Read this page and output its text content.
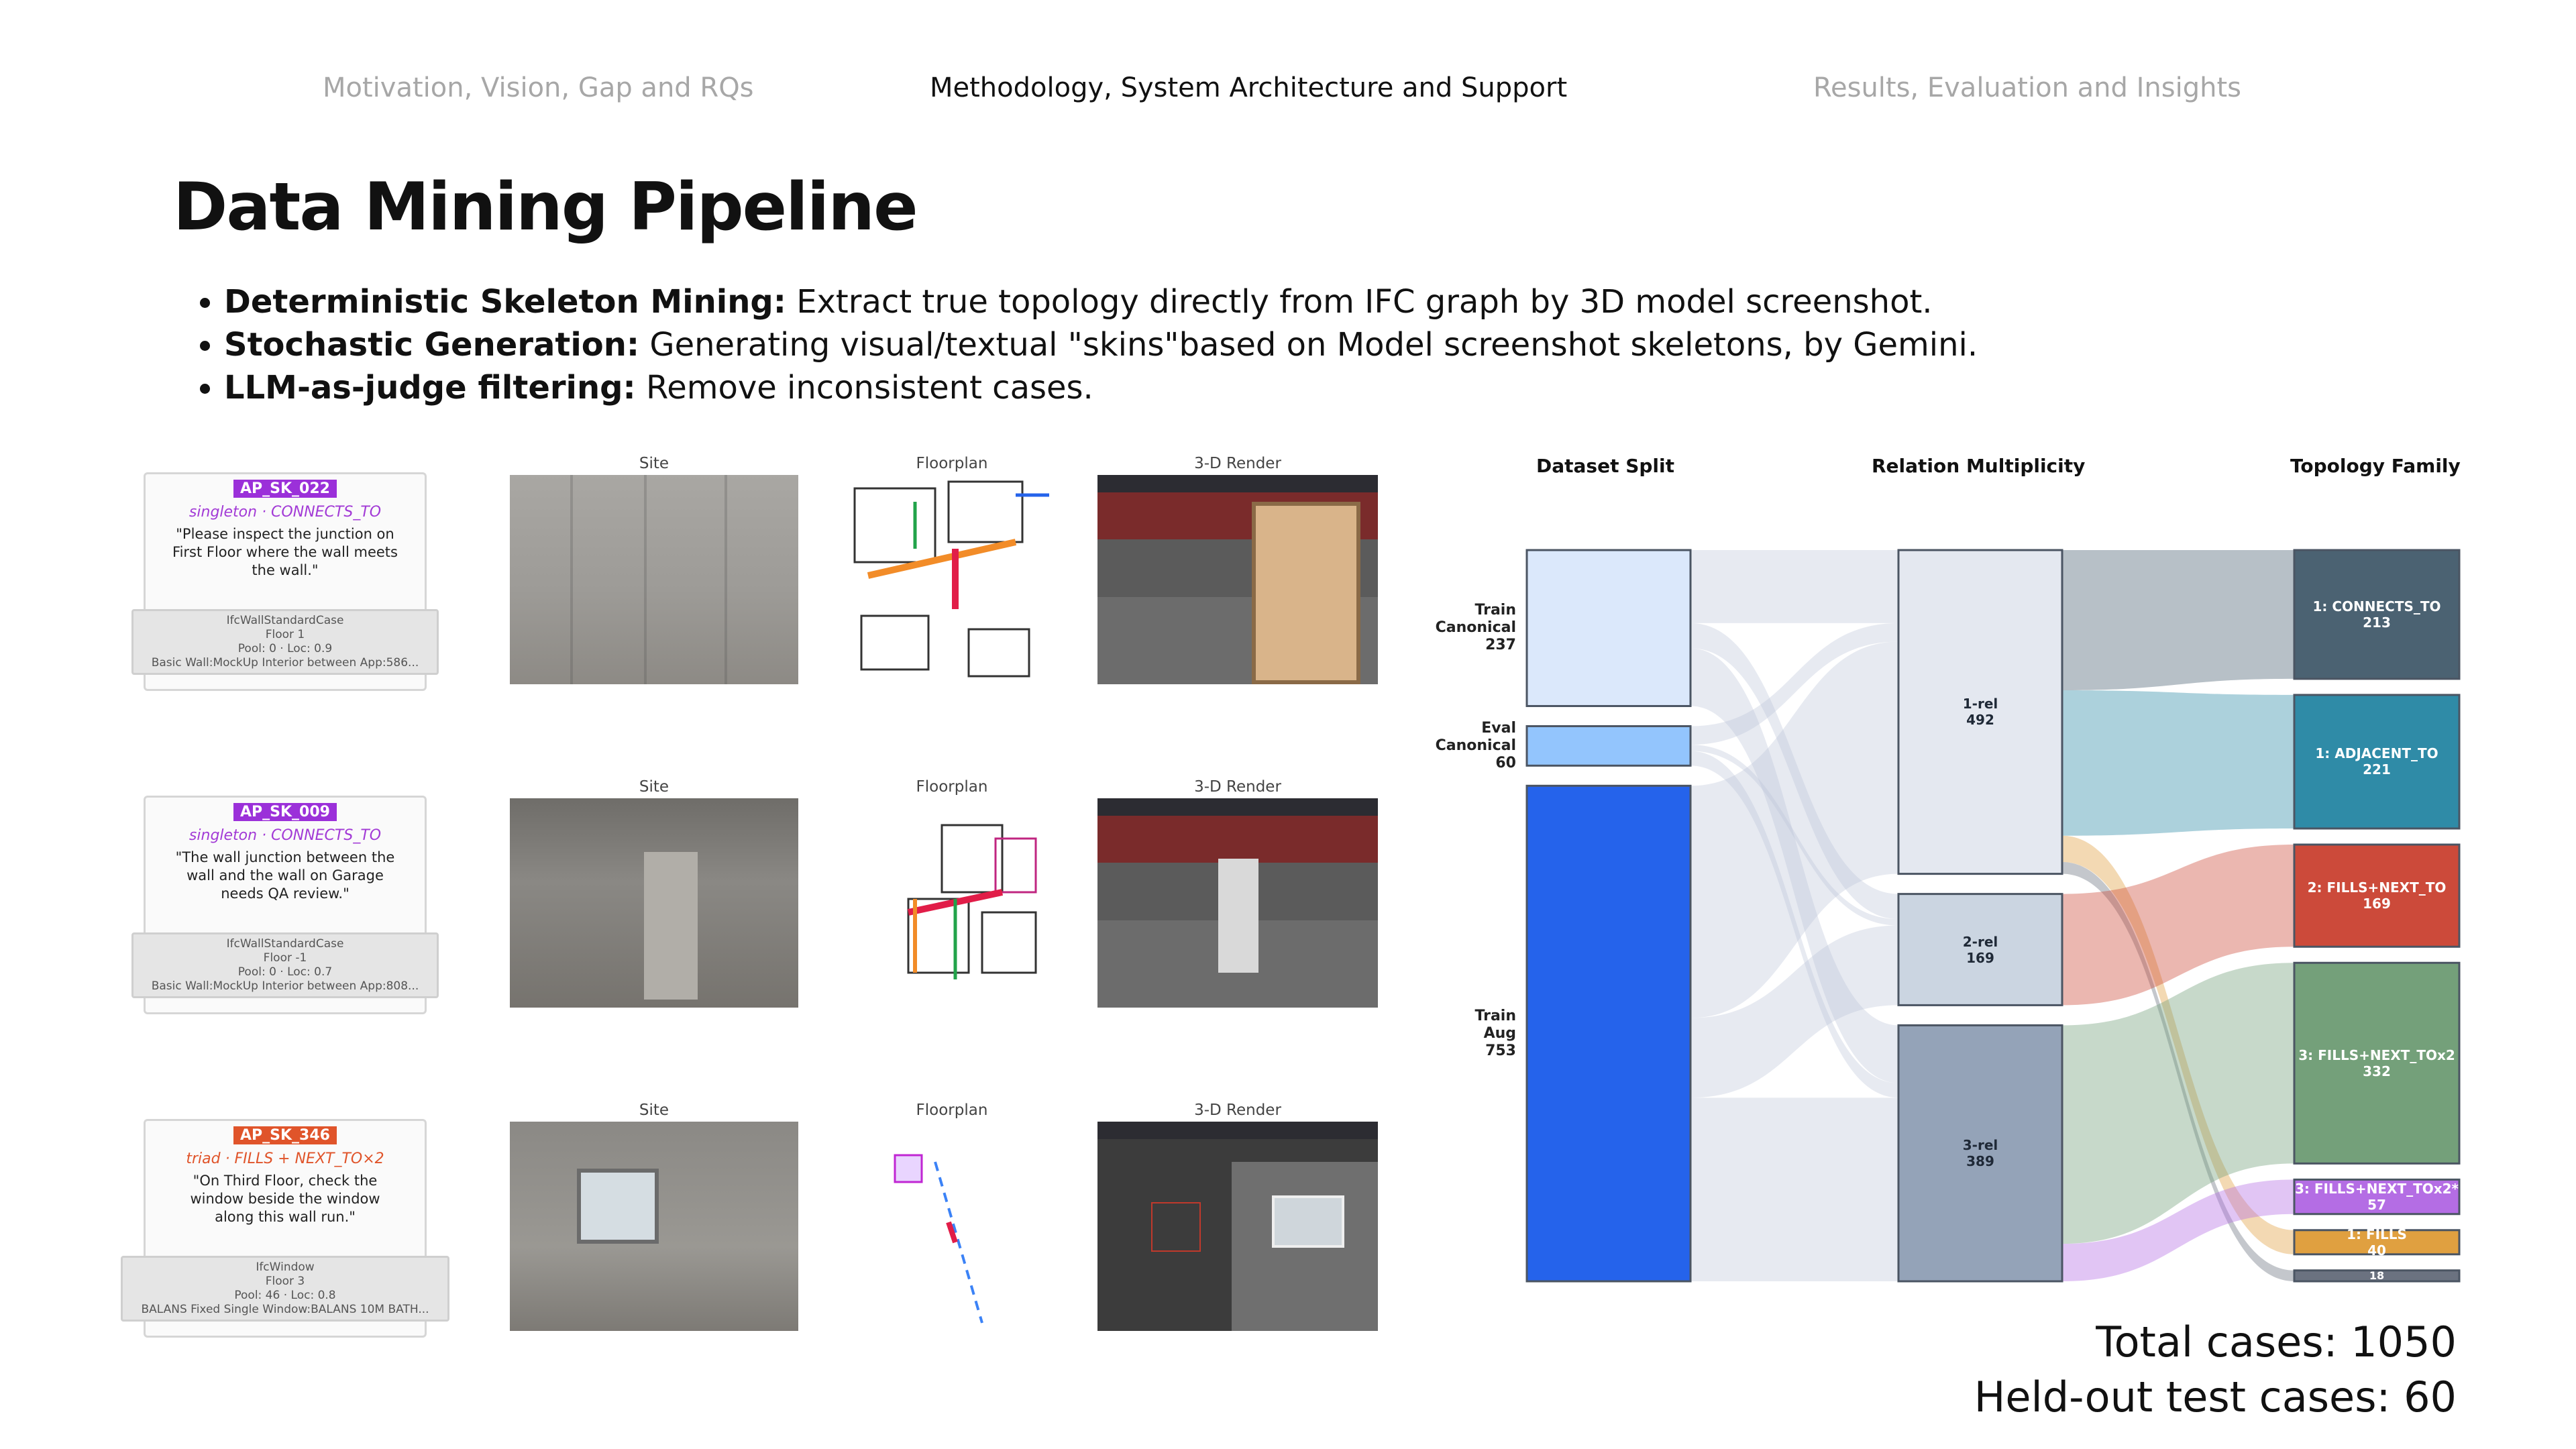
Motivation, Vision, Gap and RQs	Methodology, System Architecture and Support	Results, Evaluation and Insights
Data Mining Pipeline
• Deterministic Skeleton Mining: Extract true topology directly from IFC graph by 3D model screenshot.
• Stochastic Generation: Generating visual/textual "skins"based on Model screenshot skeletons, by Gemini.
• LLM-as-judge filtering: Remove inconsistent cases.
AP_SK_022
singleton · CONNECTS_TO
"Please inspect the junction on First Floor where the wall meets the wall."
IfcWallStandardCase
Floor 1
Pool: 0 · Loc: 0.9
Basic Wall:MockUp Interior between App:586...
Site	Floorplan	3-D Render
AP_SK_009
singleton · CONNECTS_TO
"The wall junction between the wall and the wall on Garage needs QA review."
IfcWallStandardCase
Floor -1
Pool: 0 · Loc: 0.7
Basic Wall:MockUp Interior between App:808...
Site	Floorplan	3-D Render
AP_SK_346
triad · FILLS + NEXT_TO×2
"On Third Floor, check the window beside the window along this wall run."
IfcWindow
Floor 3
Pool: 46 · Loc: 0.8
BALANS Fixed Single Window:BALANS 10M BATH...
Site	Floorplan	3-D Render
Dataset Split	Relation Multiplicity	Topology Family
Train
Canonical
237
Eval
Canonical
60
Train
Aug
753
1-rel
492
2-rel
169
3-rel
389
1: CONNECTS_TO
213
1: ADJACENT_TO
221
2: FILLS+NEXT_TO
169
3: FILLS+NEXT_TOx2
332
3: FILLS+NEXT_TOx2*
57
1: FILLS
40
18
Total cases: 1050
Held-out test cases: 60
